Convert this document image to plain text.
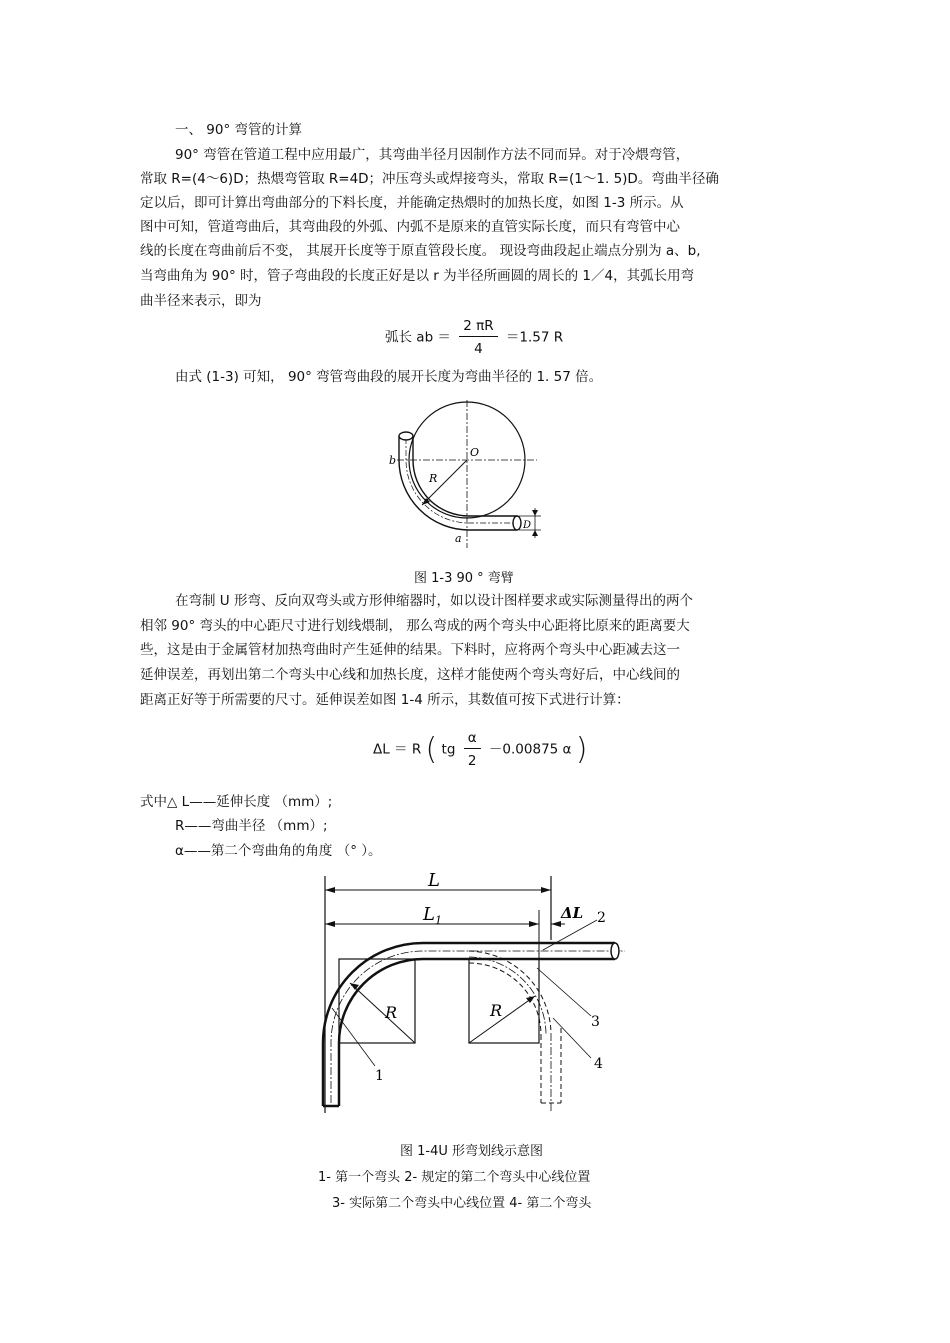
一、 90° 弯管的计算
90° 弯管在管道工程中应用最广，其弯曲半径月因制作方法不同而异。对于冷煨弯管，
常取 R=(4～6)D；热煨弯管取 R=4D；冲压弯头或焊接弯头，常取 R=(1～1. 5)D。弯曲半径确
定以后，即可计算出弯曲部分的下料长度，并能确定热煨时的加热长度，如图 1-3 所示。从
图中可知，管道弯曲后，其弯曲段的外弧、内弧不是原来的直管实际长度，而只有弯管中心
线的长度在弯曲前后不变， 其展开长度等于原直管段长度。 现设弯曲段起止端点分别为 a、b,
当弯曲角为 90° 时，管子弯曲段的长度正好是以 r 为半径所画圆的周长的 1／4，其弧长用弯
曲半径来表示，即为
弧长 ab ＝ $\frac{2 \pi R}{4} =1.57$ R
由式 (1-3) 可知， 90° 弯管弯曲段的展开长度为弯曲半径的 1. 57 倍。
b
O
R
a
D
图 1-3 90 ° 弯臂
在弯制 U 形弯、反向双弯头或方形伸缩器时，如以设计图样要求或实际测量得出的两个
相邻 90° 弯头的中心距尺寸进行划线煨制， 那么弯成的两个弯头中心距将比原来的距离要大
些，这是由于金属管材加热弯曲时产生延伸的结果。下料时，应将两个弯头中心距减去这一
延伸误差，再划出第二个弯头中心线和加热长度，这样才能使两个弯头弯好后，中心线间的
距离正好等于所需要的尺寸。延伸误差如图 1-4 所示，其数值可按下式进行计算：
ΔL ＝ R ( tg $\frac{\alpha}{2} -0.00875$ α )
式中△ L——延伸长度 （mm）;
R——弯曲半径 （mm）;
α——第二个弯曲角的角度 （° ）。
L
$L_1$	ΔL
R	R
1
2
3
4
图 1-4U 形弯划线示意图
1- 第一个弯头 2- 规定的第二个弯头中心线位置
3- 实际第二个弯头中心线位置 4- 第二个弯头
